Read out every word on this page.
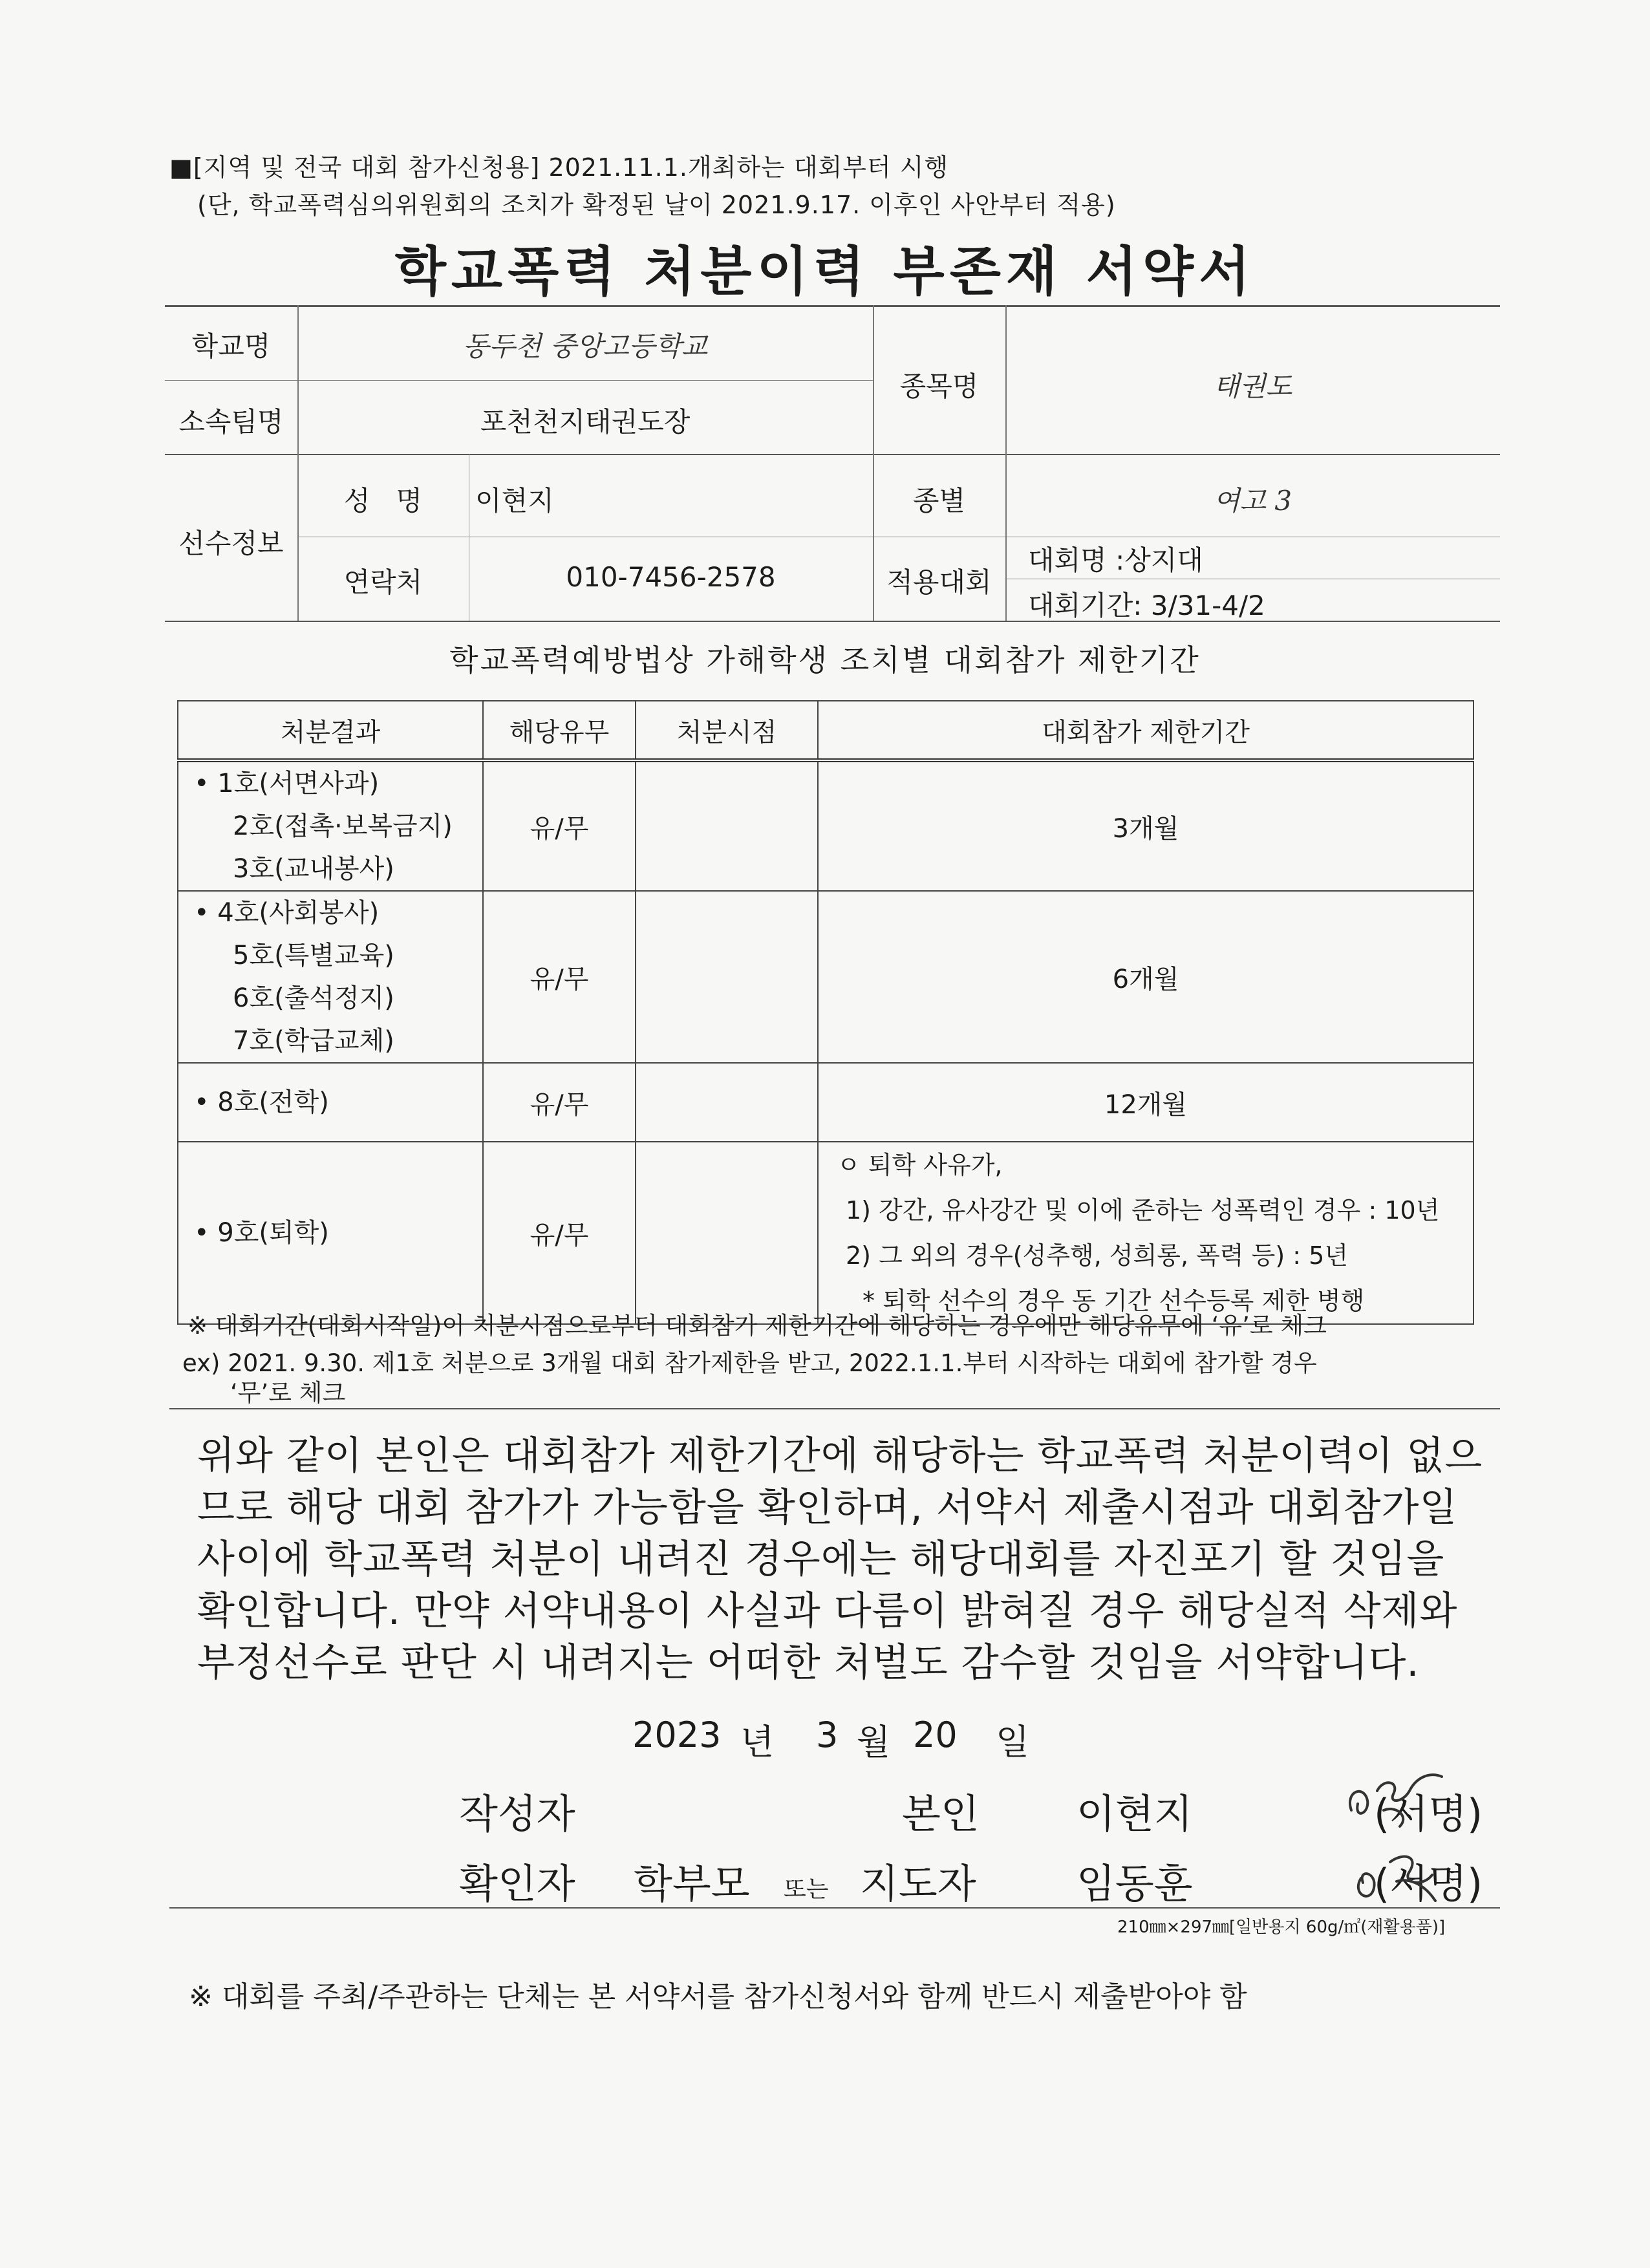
■[지역 및 전국 대회 참가신청용] 2021.11.1.개최하는 대회부터 시행
(단, 학교폭력심의위원회의 조치가 확정된 날이 2021.9.17. 이후인 사안부터 적용)
학교폭력 처분이력 부존재 서약서
학교명	동두천 중앙고등학교
소속팀명	포천천지태권도장
종목명	태권도
선수정보
성   명	이현지	종별	여고 3
연락처	010-7456-2578	적용대회
대회명 :상지대
대회기간: 3/31-4/2
학교폭력예방법상 가해학생 조치별 대회참가 제한기간
처분결과	해당유무	처분시점	대회참가 제한기간

• 1호(서면사과)
2호(접촉·보복금지)
3호(교내봉사)	유/무		3개월

• 4호(사회봉사)
5호(특별교육)
6호(출석정지)
7호(학급교체)	유/무		6개월

• 8호(전학)	유/무		12개월

• 9호(퇴학)	유/무		ㅇ 퇴학 사유가,
1) 강간, 유사강간 및 이에 준하는 성폭력인 경우 : 10년
2) 그 외의 경우(성추행, 성희롱, 폭력 등) : 5년
* 퇴학 선수의 경우 동 기간 선수등록 제한 병행
※ 대회기간(대회시작일)이 처분시점으로부터 대회참가 제한기간에 해당하는 경우에만 해당유무에 ‘유’로 체크
ex) 2021. 9.30. 제1호 처분으로 3개월 대회 참가제한을 받고, 2022.1.1.부터 시작하는 대회에 참가할 경우
‘무’로 체크
위와 같이 본인은 대회참가 제한기간에 해당하는 학교폭력 처분이력이 없으
므로 해당 대회 참가가 가능함을 확인하며, 서약서 제출시점과 대회참가일
사이에 학교폭력 처분이 내려진 경우에는 해당대회를 자진포기 할 것임을
확인합니다. 만약 서약내용이 사실과 다름이 밝혀질 경우 해당실적 삭제와
부정선수로 판단 시 내려지는 어떠한 처벌도 감수할 것임을 서약합니다.
2023 년 3 월 20 일
작성자	본인 이현지	(서명)
확인자 학부모 또는 지도자	임동훈	(서명)
210㎜×297㎜[일반용지 60g/㎡(재활용품)]
※ 대회를 주최/주관하는 단체는 본 서약서를 참가신청서와 함께 반드시 제출받아야 함
